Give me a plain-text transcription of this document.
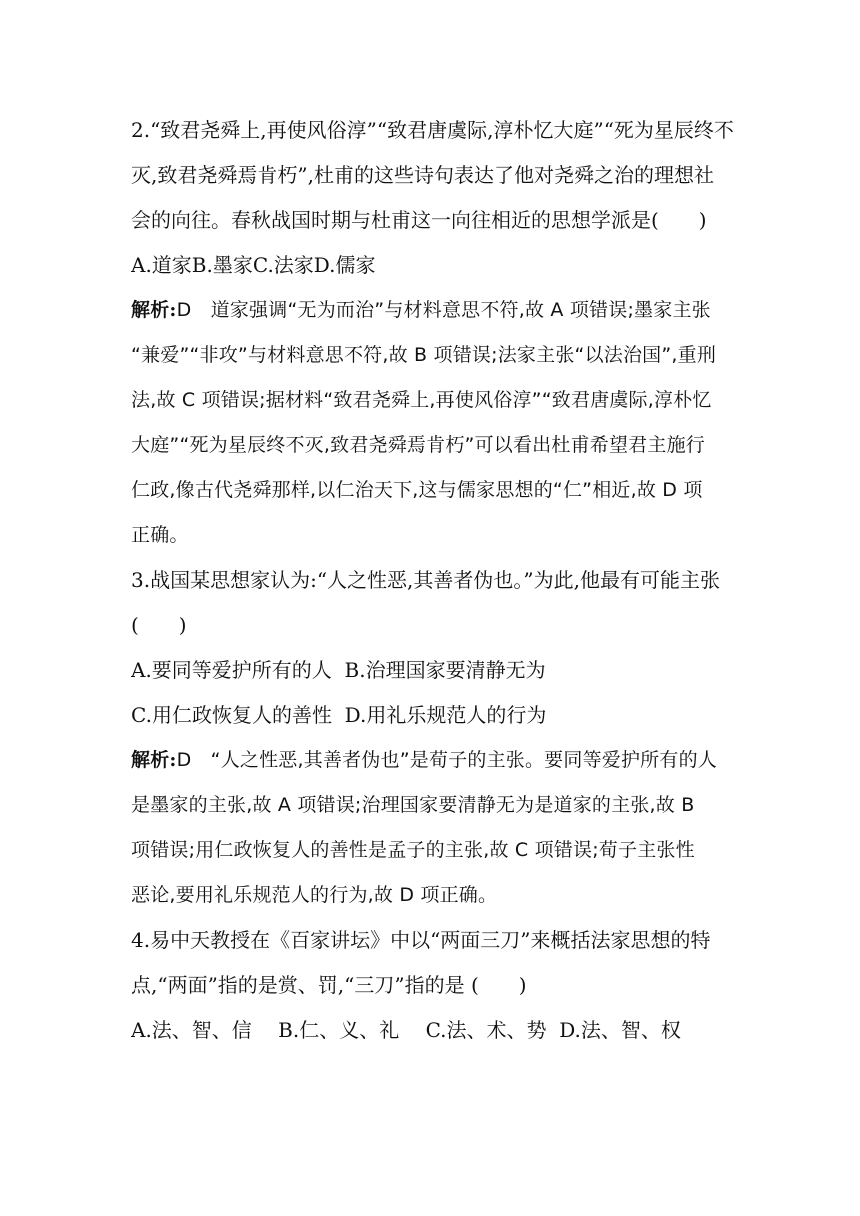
2.“致君尧舜上,再使风俗淳”“致君唐虞际,淳朴忆大庭”“死为星辰终不
灭,致君尧舜焉肯朽”,杜甫的这些诗句表达了他对尧舜之治的理想社
会的向往。春秋战国时期与杜甫这一向往相近的思想学派是(　　)
A.道家B.墨家C.法家D.儒家
解析:D　道家强调“无为而治”与材料意思不符,故 A 项错误;墨家主张
“兼爱”“非攻”与材料意思不符,故 B 项错误;法家主张“以法治国”,重刑
法,故 C 项错误;据材料“致君尧舜上,再使风俗淳”“致君唐虞际,淳朴忆
大庭”“死为星辰终不灭,致君尧舜焉肯朽”可以看出杜甫希望君主施行
仁政,像古代尧舜那样,以仁治天下,这与儒家思想的“仁”相近,故 D 项
正确。
3.战国某思想家认为:“人之性恶,其善者伪也。”为此,他最有可能主张
(　　)
A.要同等爱护所有的人  B.治理国家要清静无为
C.用仁政恢复人的善性  D.用礼乐规范人的行为
解析:D　“人之性恶,其善者伪也”是荀子的主张。要同等爱护所有的人
是墨家的主张,故 A 项错误;治理国家要清静无为是道家的主张,故 B
项错误;用仁政恢复人的善性是孟子的主张,故 C 项错误;荀子主张性
恶论,要用礼乐规范人的行为,故 D 项正确。
4.易中天教授在《百家讲坛》中以“两面三刀”来概括法家思想的特
点,“两面”指的是赏、罚,“三刀”指的是 (　　)
A.法、智、信　 B.仁、义、礼　 C.法、术、势  D.法、智、权
